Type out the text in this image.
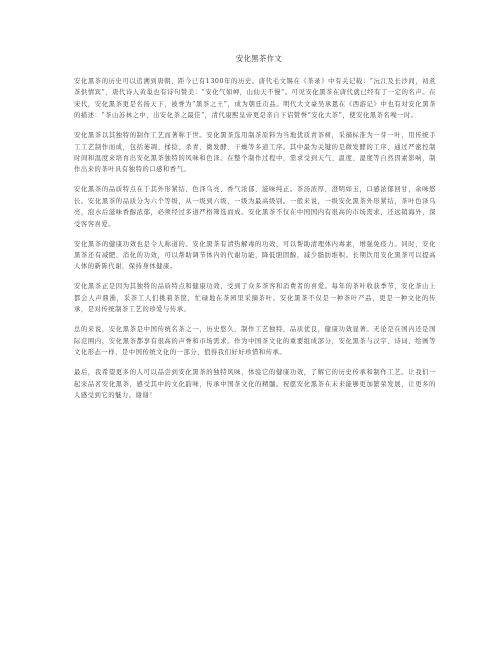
安化黑茶作文

安化黑茶的历史可以追溯到唐朝，距今已有1300年的历史。唐代毛文锡在《茶录》中有关记载：“沅江及长沙间，初煮茶供情宾”，唐代诗人黄巢也有诗句赞美：“安化气如岬，山仙天不慢”。可见安化黑茶在唐代就已经有了一定的名声。在宋代，安化黑茶更是名扬天下，被誉为“黑茶之王”，成为朝廷贡品。明代大文豪吴承恩在《西游记》中也有对安化黑茶的描述：“茶山苏林之中，出安化茶之最佳”，清代康熙皇帝更是亲自下诏赞誉“安化大茶”，使安化黑茶名噪一时。

安化黑茶以其独特的制作工艺而著称于世。安化黑茶选用制茶原料为当地优质青茶树，采摘标准为一芽一叶，用传统手工工艺制作而成，包括萎凋、揉捻、杀青、微发酵、干燥等多道工序。其中最为关键的是微发酵的工序，通过严密控制时间和温度来培育出安化黑茶独特的风味和色泽。在整个制作过程中，需求受到天气、温度、湿度等自然因素影响，制作出来的茶叶具有独特的口感和香气。

安化黑茶的品质特点在于其外形紧结、色泽乌亮、香气浓郁、滋味纯正。茶汤浓厚，澄明如玉，口感浓郁回甘，余味悠长。安化黑茶的品质分为六个等级，从一级到六级，一级为最高级别。一般来说，一级安化黑茶外形紧结，茶叶色泽乌亮，泡水后滋味香醇浓郁，必须经过多道严格筛选而成。安化黑茶不仅在中国国内有很高的市场需求，还远销海外，深受客客喜爱。

安化黑茶的健康功效也是令人称道的。安化黑茶有清热解毒的功效，可以帮助清理体内毒素，增强免疫力。同时，安化黑茶还有减肥、消化的功效，可以帮助调节体内的代谢功能，降低胆固醇，减少脂肪堆积。长期饮用安化黑茶可以提高人体的新陈代谢，保持身体健康。

安化黑茶正是因为其独特的品质特点和健康功效，受到了众多茶客和消费者的喜爱。每年的茶叶收获季节，安化茶山上都会人声鼎沸，采茶工人们挑着茶筐，忙碌地在茶园里采摘茶叶。安化黑茶不仅是一种茶叶产品，更是一种文化的传承，是对传统制茶工艺的珍爱与传承。

总的来说，安化黑茶是中国传统名茶之一，历史悠久，制作工艺独特，品质优良，健康功效显著。无论是在国内还是国际范围内，安化黑茶都享有很高的声誉和市场需求。作为中国茶文化的重要组成部分，安化黑茶与汉字、诗词、绘画等文化形态一样，是中国传统文化的一部分，值得我们好好珍惜和传承。

最后，我希望更多的人可以品尝到安化黑茶的独特风味，体验它的健康功效，了解它的历史传承和制作工艺。让我们一起来品茗安化黑茶，感受其中的文化韵味，传承中国茶文化的精髓。祝愿安化黑茶在未来能够更加繁荣发展，让更多的人感受到它的魅力。谢谢！
